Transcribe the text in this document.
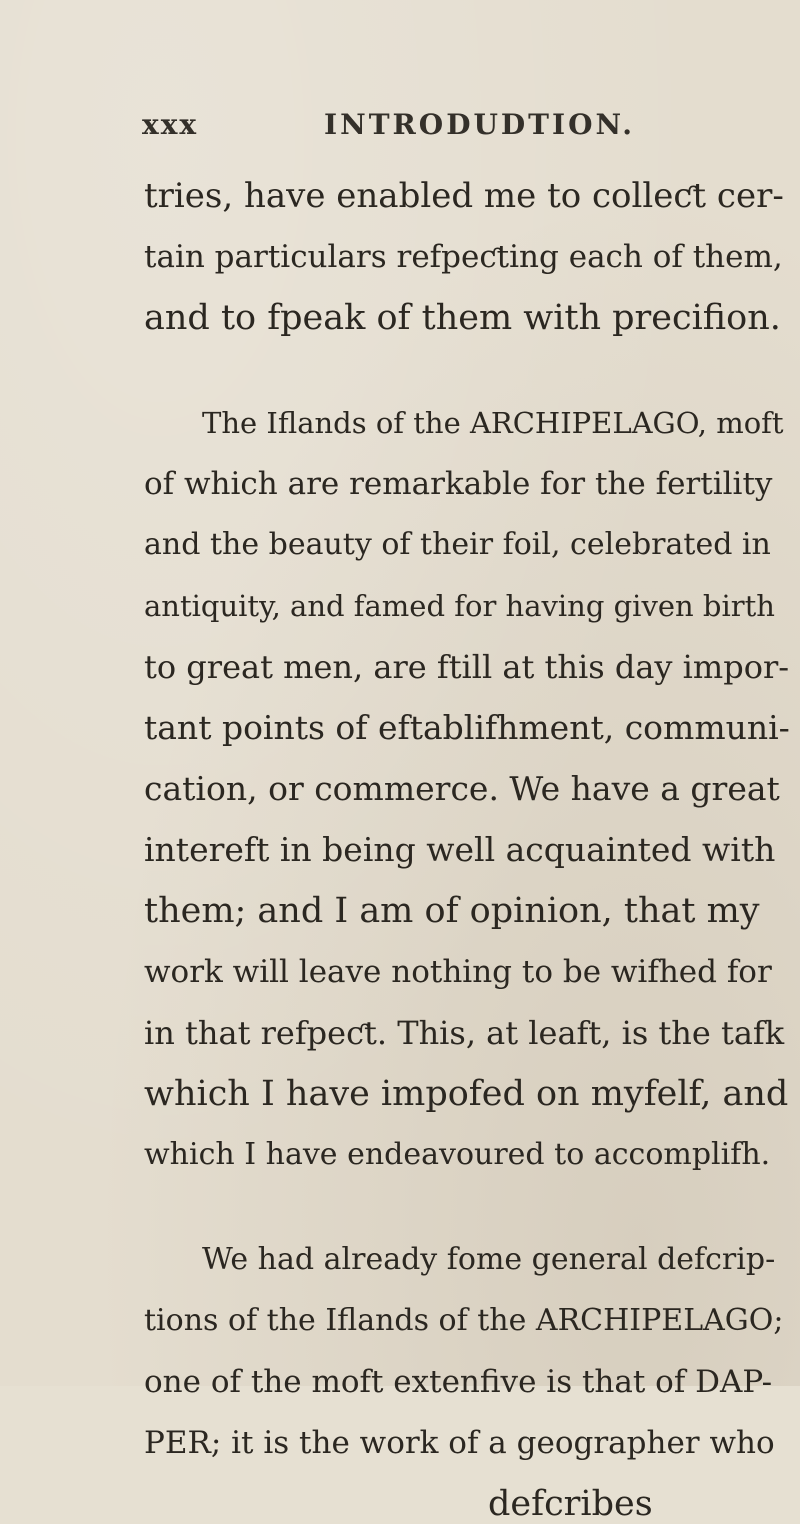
xxx	INTRODUDTION.
tries, have enabled me to colleƈt cer-
tain particulars refpeƈting each of them,
and to fpeak of them with precifion.
The Iflands of the ARCHIPELAGO, moft
of which are remarkable for the fertility
and the beauty of their foil, celebrated in
antiquity, and famed for having given birth
to great men, are ftill at this day impor-
tant points of eftablifhment, communi-
cation, or commerce. We have a great
intereft in being well acquainted with
them; and I am of opinion, that my
work will leave nothing to be wifhed for
in that refpeƈt. This, at leaft, is the tafk
which I have impofed on myfelf, and
which I have endeavoured to accomplifh.
We had already fome general defcrip-
tions of the Iflands of the ARCHIPELAGO;
one of the moft extenfive is that of DAP-
PER; it is the work of a geographer who
defcribes
